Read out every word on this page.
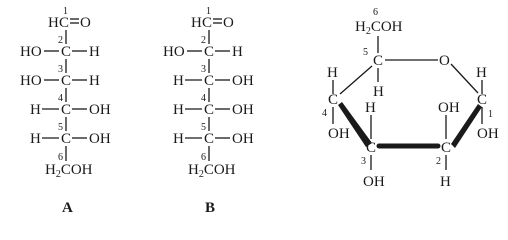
1
H C O
2
HO C H
3
HO C H
4
H C OH
5
H C OH
6
$H_2COH$
A
1
H C O
2
HO C H
3
H C OH
4
H C OH
5
H C OH
6
$H_2COH$
B
6
$H_2COH$
5
C
H
O
H
C
4
OH
H
C
3
OH
OH
C
2
H
H
C
1
OH
